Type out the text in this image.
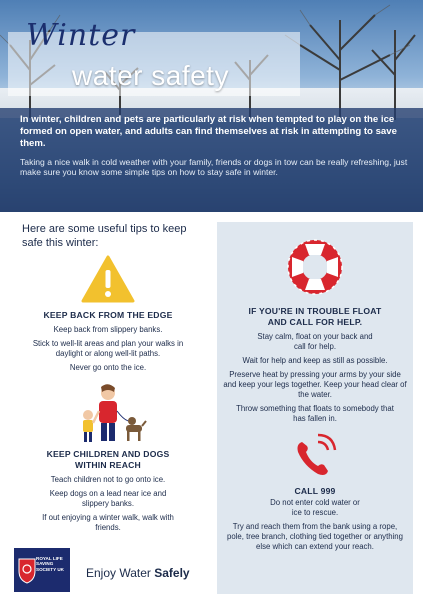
Winter
water safety

In winter, children and pets are particularly at risk when tempted to play on the ice formed on open water, and adults can find themselves at risk in attempting to save them.

Taking a nice walk in cold weather with your family, friends or dogs in tow can be really refreshing, just make sure you know some simple tips on how to stay safe in winter.

Here are some useful tips to keep safe this winter:
KEEP BACK FROM THE EDGE

Keep back from slippery banks.

Stick to well-lit areas and plan your walks in daylight or along well-lit paths.

Never go onto the ice.

KEEP CHILDREN AND DOGS
WITHIN REACH

Teach children not to go onto ice.

Keep dogs on a lead near ice and slippery banks.

If out enjoying a winter walk, walk with friends.

IF YOU'RE IN TROUBLE FLOAT
AND CALL FOR HELP.

Stay calm, float on your back and call for help.

Wait for help and keep as still as possible.

Preserve heat by pressing your arms by your side and keep your legs together. Keep your head clear of the water.

Throw something that floats to somebody that has fallen in.

CALL 999

Do not enter cold water or ice to rescue.

Try and reach them from the bank using a rope, pole, tree branch, clothing tied together or anything else which can extend your reach.

ROYAL LIFE SAVING SOCIETY UK	Enjoy Water Safely
